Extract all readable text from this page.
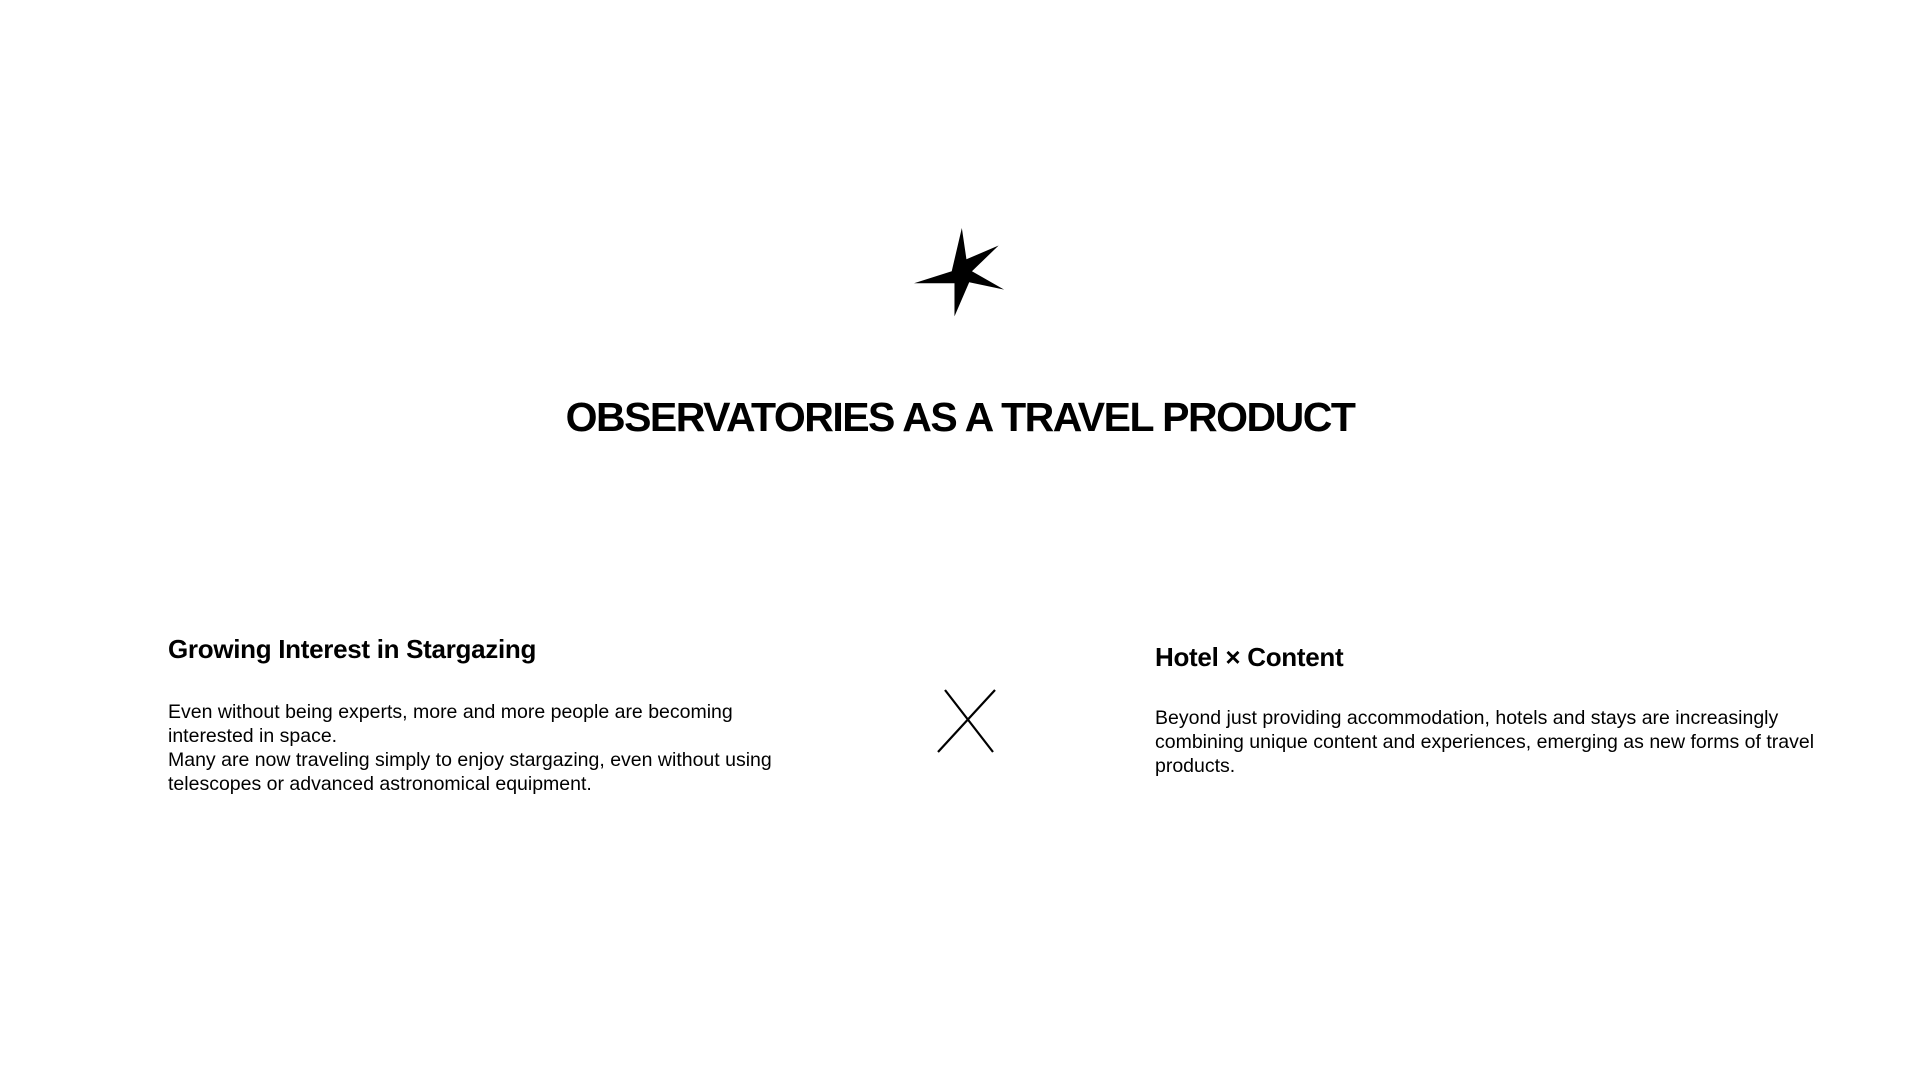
OBSERVATORIES AS A TRAVEL PRODUCT
Growing Interest in Stargazing

Even without being experts, more and more people are becoming interested in space.

Many are now traveling simply to enjoy stargazing, even without using telescopes or advanced astronomical equipment.

Hotel × Content

Beyond just providing accommodation, hotels and stays are increasingly combining unique content and experiences, emerging as new forms of travel products.
